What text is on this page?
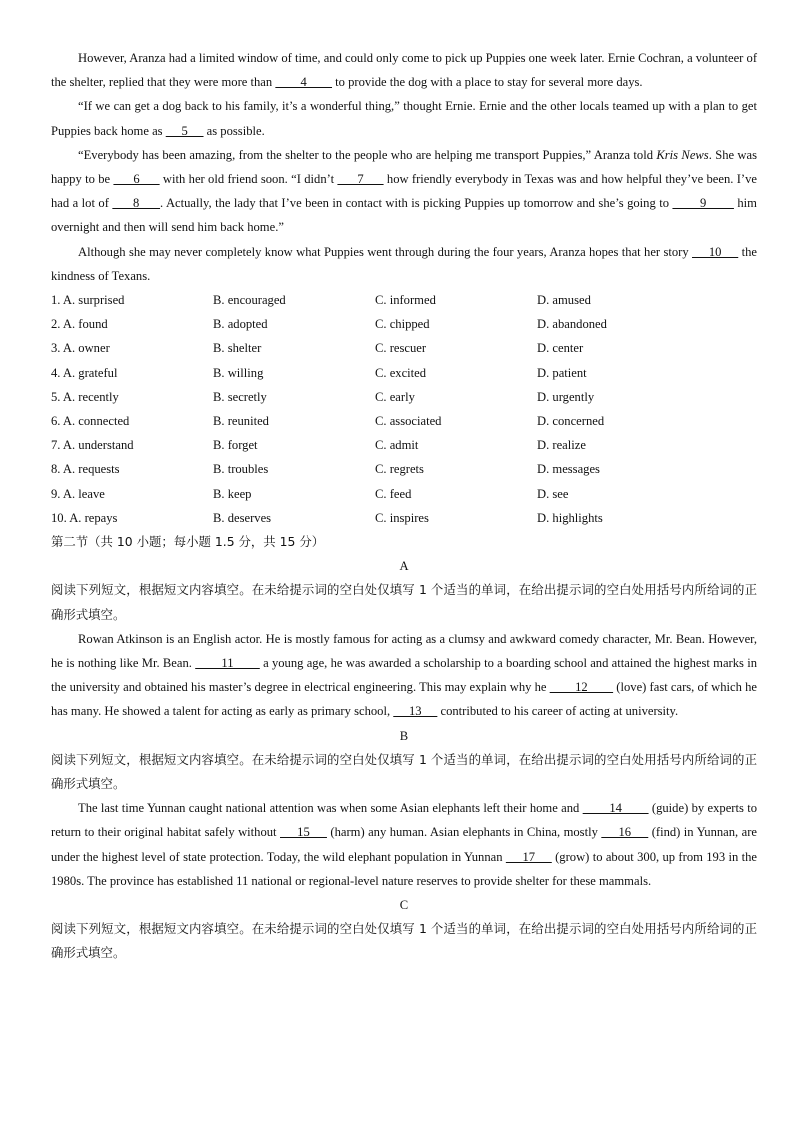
However, Aranza had a limited window of time, and could only come to pick up Puppies one week later. Ernie Cochran, a volunteer of the shelter, replied that they were more than         4         to provide the dog with a place to stay for several more days.

“If we can get a dog back to his family, it’s a wonderful thing,” thought Ernie. Ernie and the other locals teamed up with a plan to get Puppies back home as      5      as possible.

“Everybody has been amazing, from the shelter to the people who are helping me transport Puppies,” Aranza told Kris News. She was happy to be       6       with her old friend soon. “I didn’t       7       how friendly everybody in Texas was and how helpful they’ve been. I’ve had a lot of       8      . Actually, the lady that I’ve been in contact with is picking Puppies up tomorrow and she’s going to         9         him overnight and then will send him back home.”

Although she may never completely know what Puppies went through during the four years, Aranza hopes that her story      10      the kindness of Texans.

1. A. surprised	B. encouraged	C. informed	D. amused
2. A. found	B. adopted	C. chipped	D. abandoned
3. A. owner	B. shelter	C. rescuer	D. center
4. A. grateful	B. willing	C. excited	D. patient
5. A. recently	B. secretly	C. early	D. urgently
6. A. connected	B. reunited	C. associated	D. concerned
7. A. understand	B. forget	C. admit	D. realize
8. A. requests	B. troubles	C. regrets	D. messages
9. A. leave	B. keep	C. feed	D. see
10. A. repays	B. deserves	C. inspires	D. highlights

第二节（共 10 小题；每小题 1.5 分，共 15 分）

A

阅读下列短文，根据短文内容填空。在未给提示词的空白处仅填写 1 个适当的单词，在给出提示词的空白处用括号内所给词的正确形式填空。

Rowan Atkinson is an English actor. He is mostly famous for acting as a clumsy and awkward comedy character, Mr. Bean. However, he is nothing like Mr. Bean.         11         a young age, he was awarded a scholarship to a boarding school and attained the highest marks in the university and obtained his master’s degree in electrical engineering. This may explain why he         12         (love) fast cars, of which he has many. He showed a talent for acting as early as primary school,      13      contributed to his career of acting at university.

B

阅读下列短文，根据短文内容填空。在未给提示词的空白处仅填写 1 个适当的单词，在给出提示词的空白处用括号内所给词的正确形式填空。

The last time Yunnan caught national attention was when some Asian elephants left their home and         14         (guide) by experts to return to their original habitat safely without      15      (harm) any human. Asian elephants in China, mostly      16      (find) in Yunnan, are under the highest level of state protection. Today, the wild elephant population in Yunnan      17      (grow) to about 300, up from 193 in the 1980s. The province has established 11 national or regional-level nature reserves to provide shelter for these mammals.

C

阅读下列短文，根据短文内容填空。在未给提示词的空白处仅填写 1 个适当的单词，在给出提示词的空白处用括号内所给词的正确形式填空。
